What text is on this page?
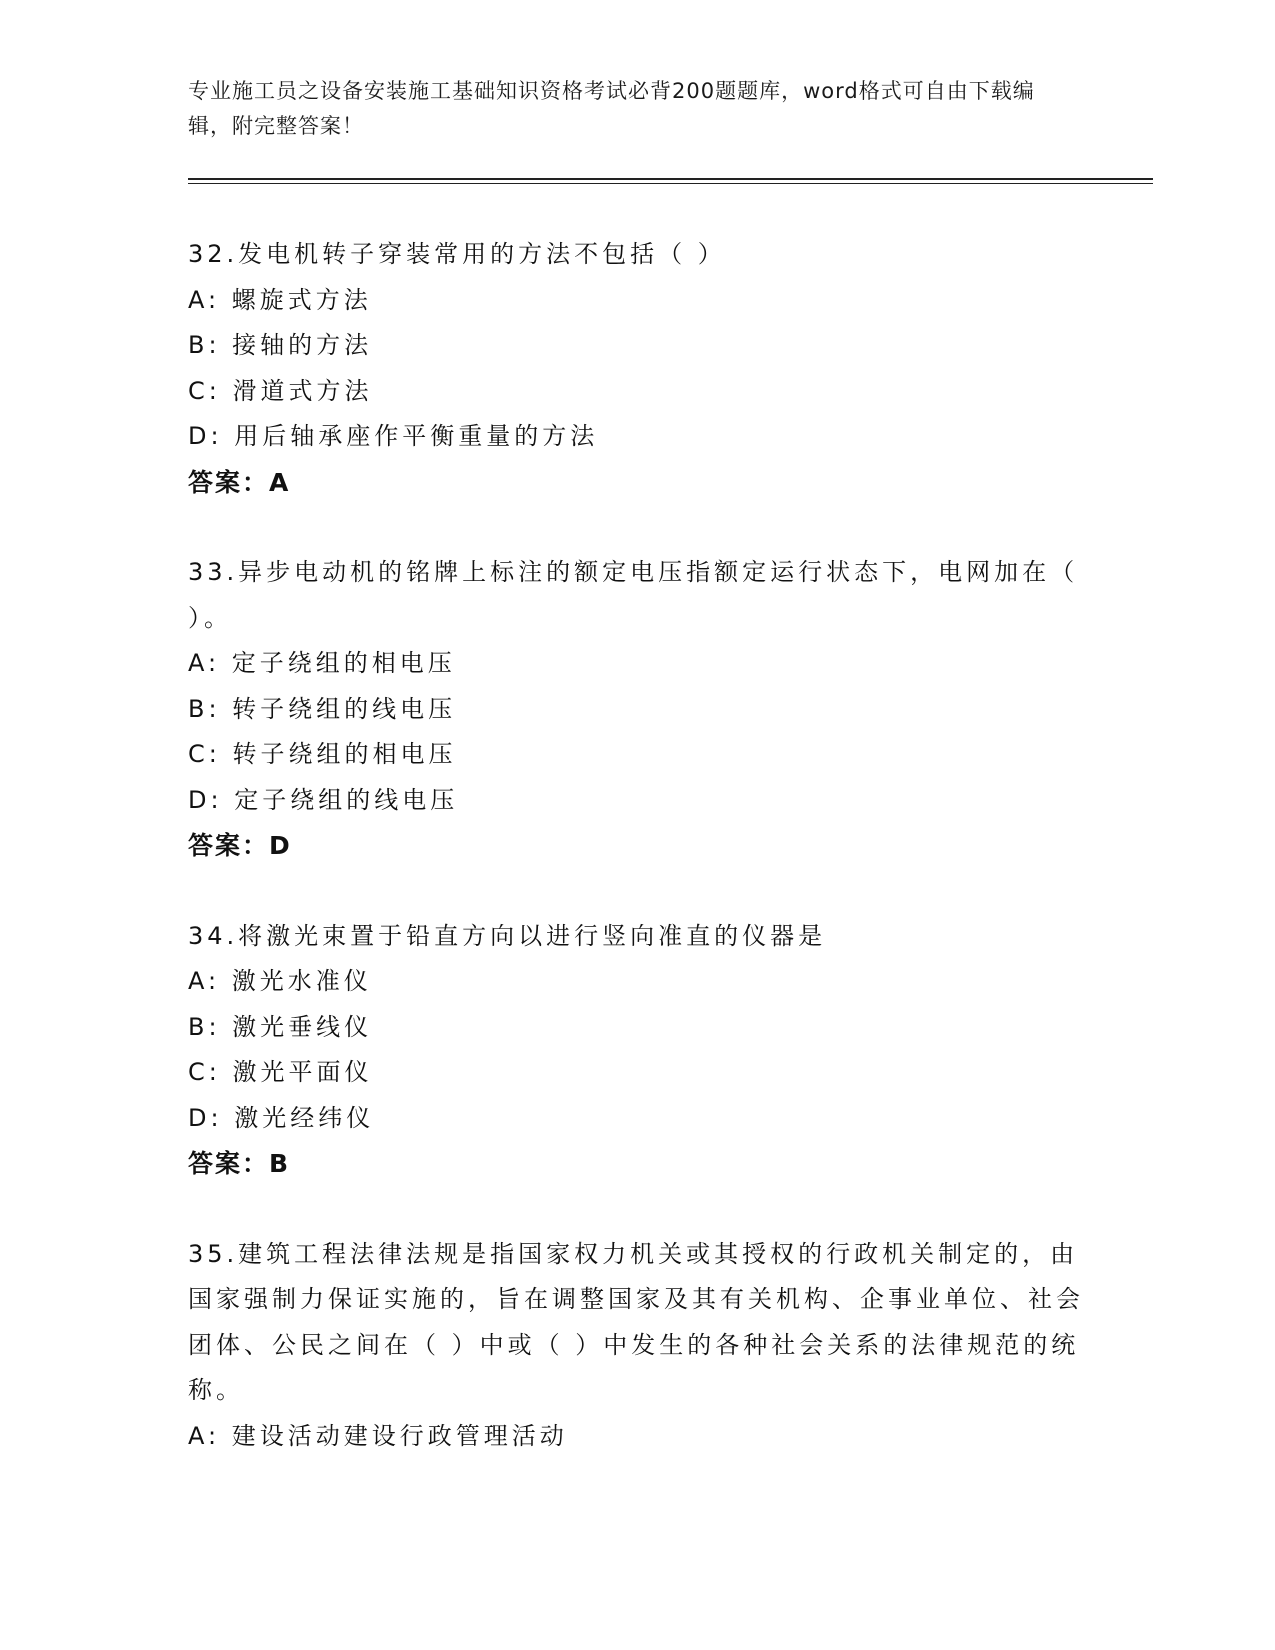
专业施工员之设备安装施工基础知识资格考试必背200题题库，word格式可自由下载编辑，附完整答案！
32.发电机转子穿装常用的方法不包括（ ）
A: 螺旋式方法
B: 接轴的方法
C: 滑道式方法
D: 用后轴承座作平衡重量的方法
答案：A
33.异步电动机的铭牌上标注的额定电压指额定运行状态下，电网加在（ ）。
A: 定子绕组的相电压
B: 转子绕组的线电压
C: 转子绕组的相电压
D: 定子绕组的线电压
答案：D
34.将激光束置于铅直方向以进行竖向准直的仪器是
A: 激光水准仪
B: 激光垂线仪
C: 激光平面仪
D: 激光经纬仪
答案：B
35.建筑工程法律法规是指国家权力机关或其授权的行政机关制定的，由国家强制力保证实施的，旨在调整国家及其有关机构、企事业单位、社会团体、公民之间在（ ）中或（ ）中发生的各种社会关系的法律规范的统称。
A: 建设活动建设行政管理活动
